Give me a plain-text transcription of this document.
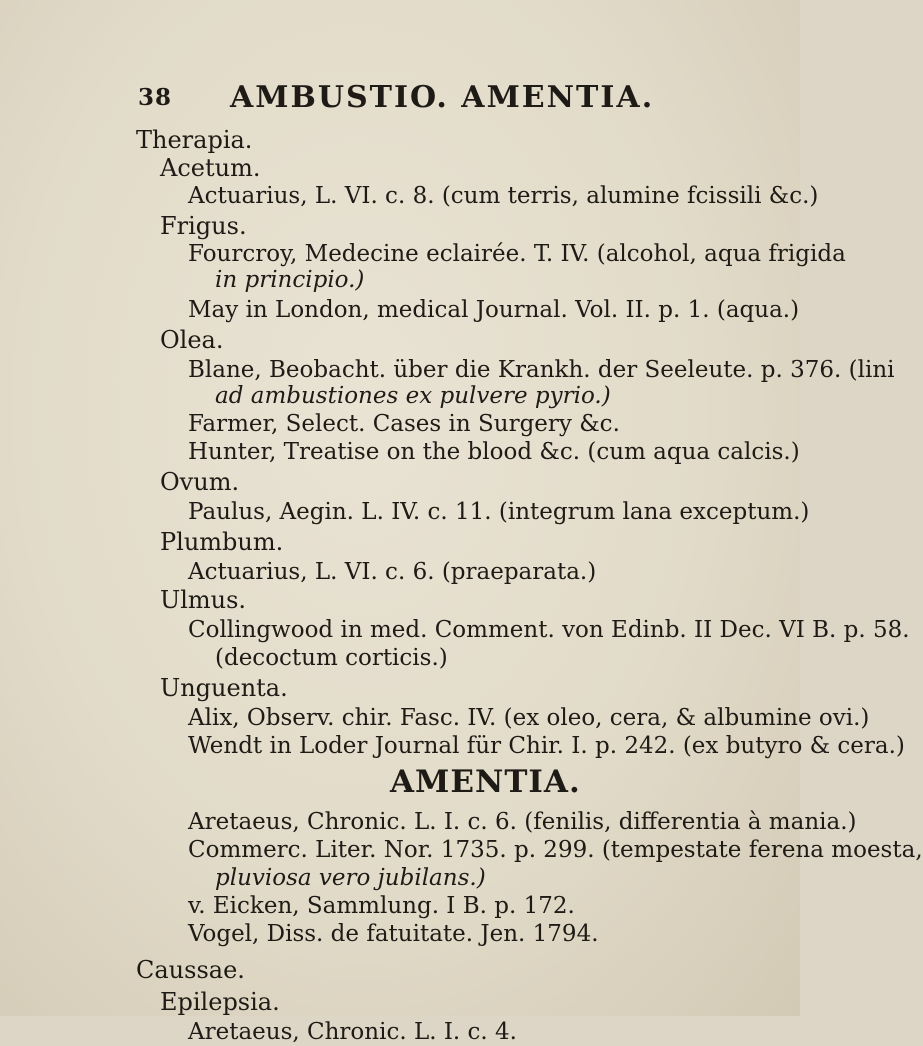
38 AMBUSTIO. AMENTIA.
Therapia.
Acetum.
Actuarius, L. VI. c. 8. (cum terris, alumine fcissili &c.)
Frigus.
Fourcroy, Medecine eclairée. T. IV. (alcohol, aqua frigida
in principio.)
May in London, medical Journal. Vol. II. p. 1. (aqua.)
Olea.
Blane, Beobacht. über die Krankh. der Seeleute. p. 376. (lini
ad ambustiones ex pulvere pyrio.)
Farmer, Select. Cases in Surgery &c.
Hunter, Treatise on the blood &c. (cum aqua calcis.)
Ovum.
Paulus, Aegin. L. IV. c. 11. (integrum lana exceptum.)
Plumbum.
Actuarius, L. VI. c. 6. (praeparata.)
Ulmus.
Collingwood in med. Comment. von Edinb. II Dec. VI B. p. 58.
(decoctum corticis.)
Unguenta.
Alix, Observ. chir. Fasc. IV. (ex oleo, cera, & albumine ovi.)
Wendt in Loder Journal für Chir. I. p. 242. (ex butyro & cera.)
AMENTIA.
Aretaeus, Chronic. L. I. c. 6. (fenilis, differentia à mania.)
Commerc. Liter. Nor. 1735. p. 299. (tempestate ferena moesta,
pluviosa vero jubilans.)
v. Eicken, Sammlung. I B. p. 172.
Vogel, Diss. de fatuitate. Jen. 1794.
Caussae.
Epilepsia.
Aretaeus, Chronic. L. I. c. 4.
